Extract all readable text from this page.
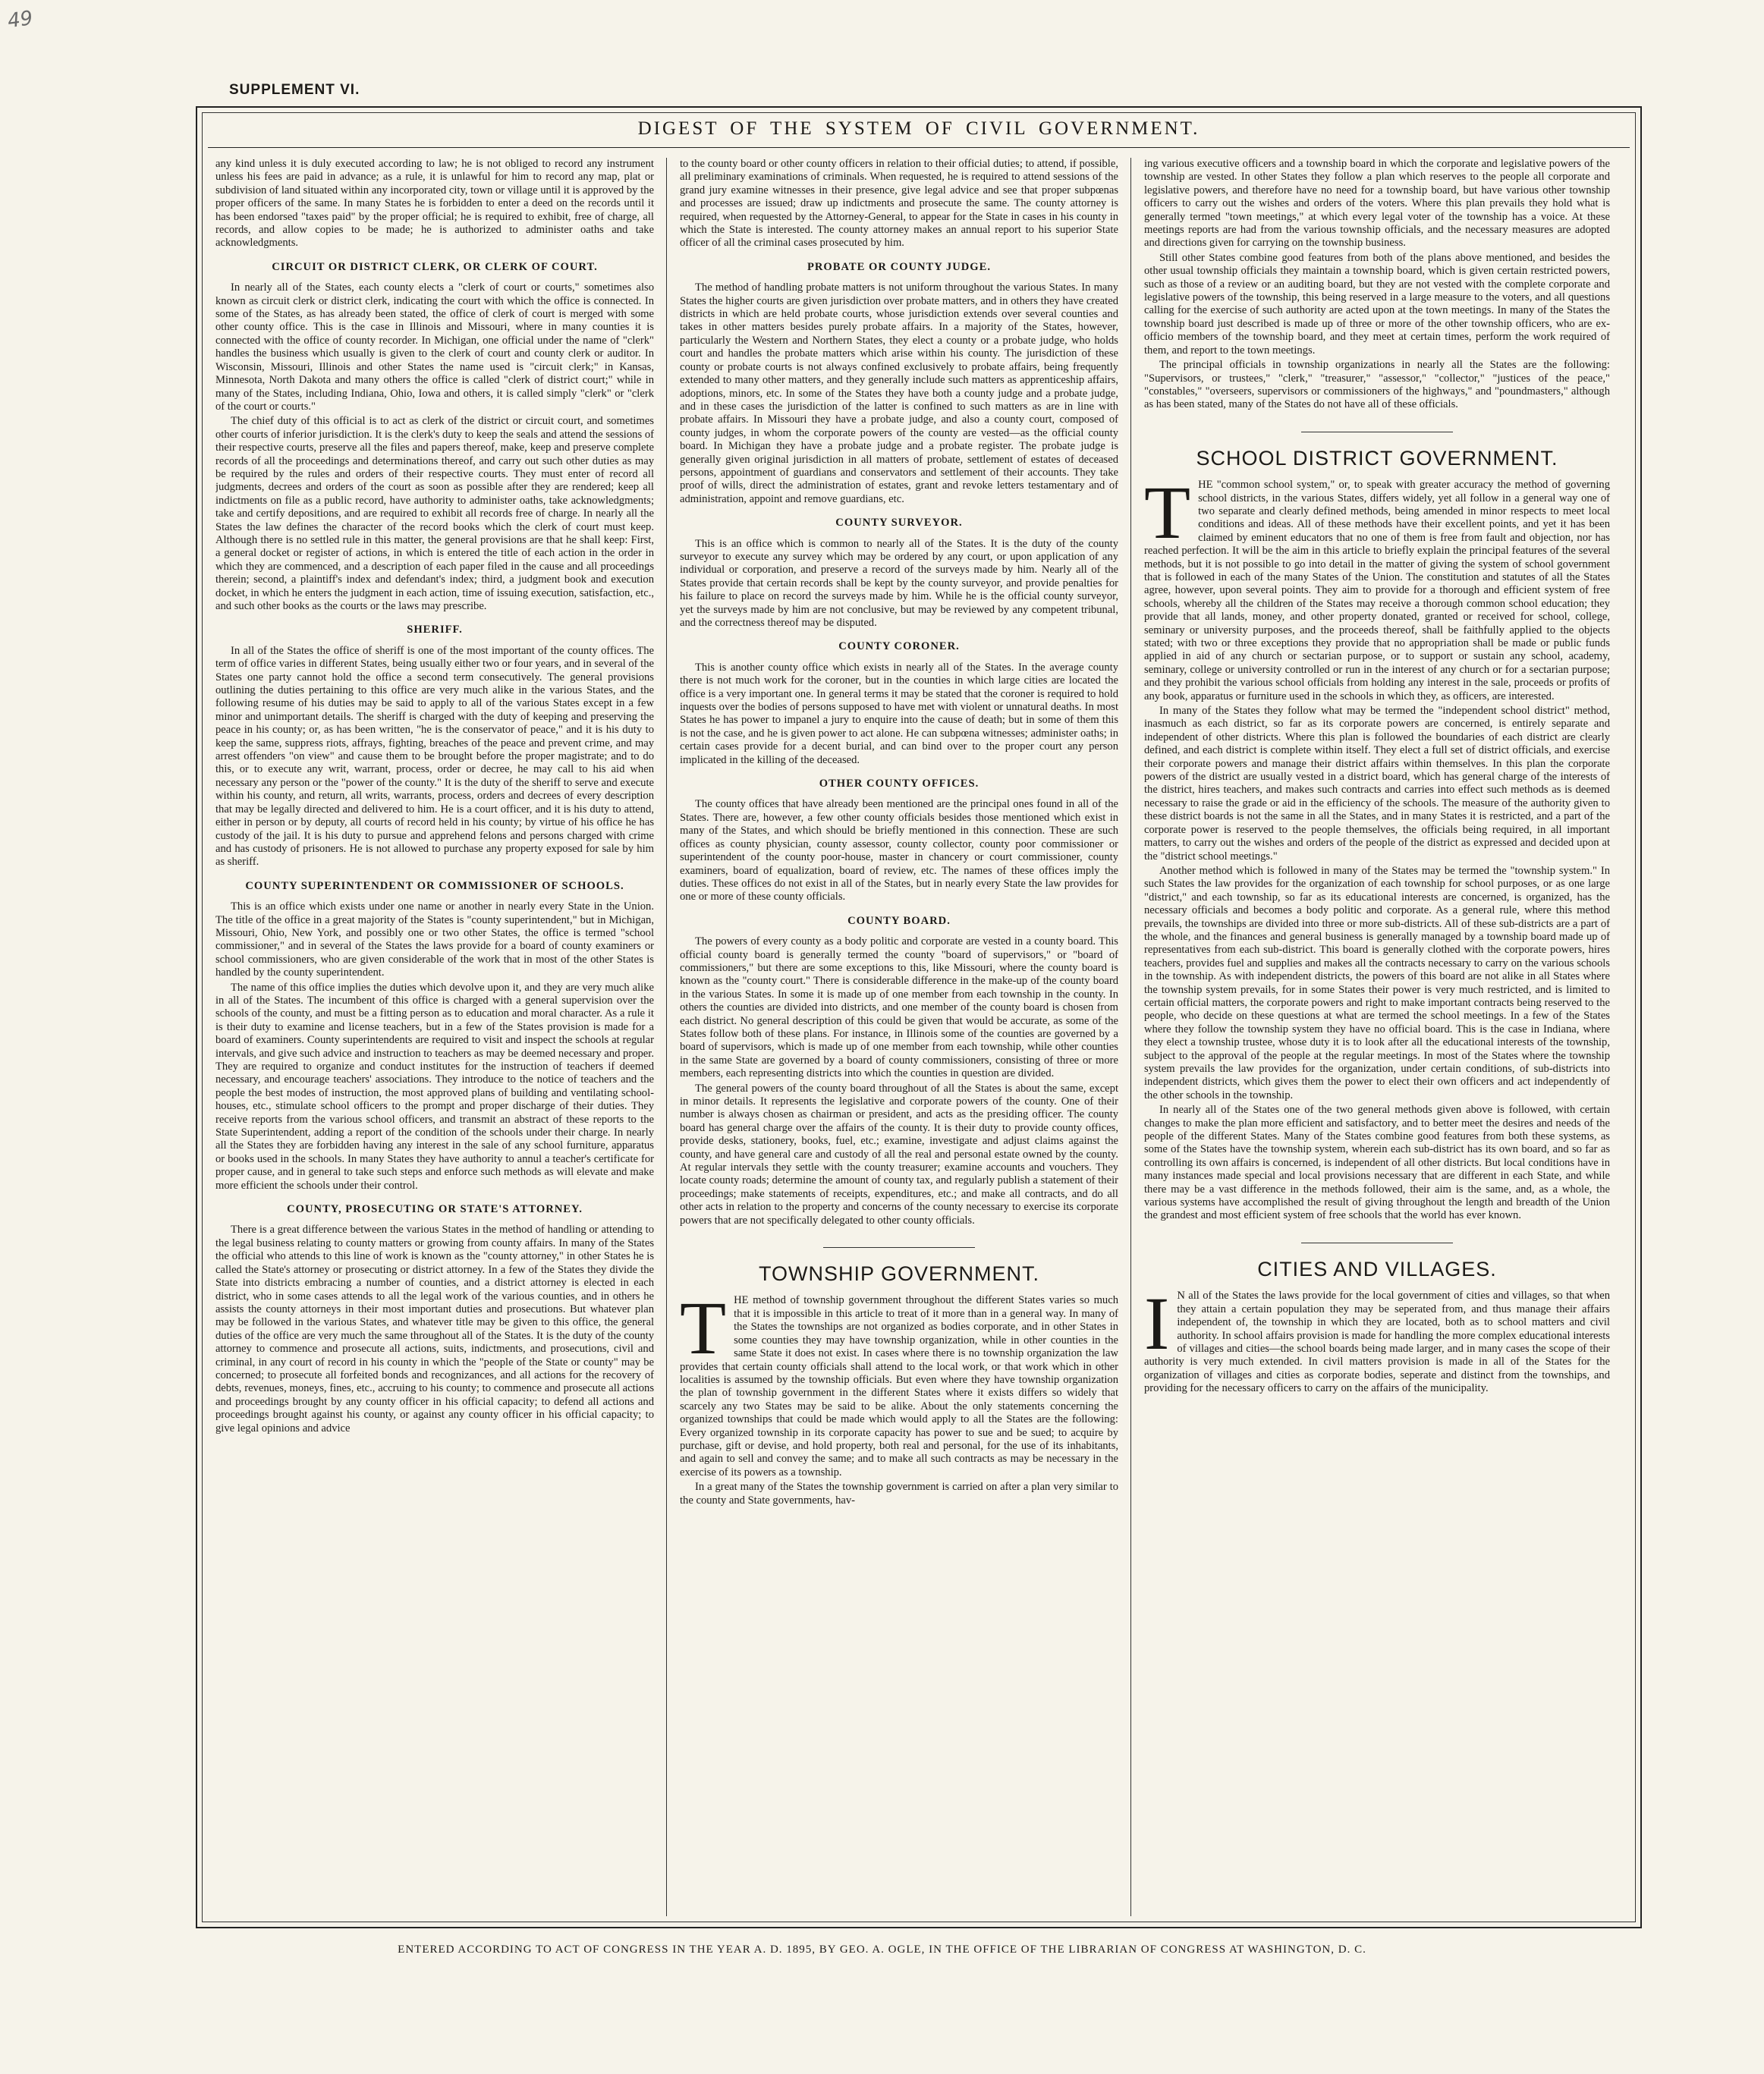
49
SUPPLEMENT VI.
DIGEST OF THE SYSTEM OF CIVIL GOVERNMENT.

any kind unless it is duly executed according to law; he is not obliged to record any instrument unless his fees are paid in advance; as a rule, it is unlawful for him to record any map, plat or subdivision of land situated within any incorporated city, town or village until it is approved by the proper officers of the same. In many States he is forbidden to enter a deed on the records until it has been endorsed "taxes paid" by the proper official; he is required to exhibit, free of charge, all records, and allow copies to be made; he is authorized to administer oaths and take acknowledgments.

CIRCUIT OR DISTRICT CLERK, OR CLERK OF COURT.

In nearly all of the States, each county elects a "clerk of court or courts," sometimes also known as circuit clerk or district clerk, indicating the court with which the office is connected. In some of the States, as has already been stated, the office of clerk of court is merged with some other county office. This is the case in Illinois and Missouri, where in many counties it is connected with the office of county recorder. In Michigan, one official under the name of "clerk" handles the business which usually is given to the clerk of court and county clerk or auditor. In Wisconsin, Missouri, Illinois and other States the name used is "circuit clerk;" in Kansas, Minnesota, North Dakota and many others the office is called "clerk of district court;" while in many of the States, including Indiana, Ohio, Iowa and others, it is called simply "clerk" or "clerk of the court or courts."

The chief duty of this official is to act as clerk of the district or circuit court, and sometimes other courts of inferior jurisdiction. It is the clerk's duty to keep the seals and attend the sessions of their respective courts, preserve all the files and papers thereof, make, keep and preserve complete records of all the proceedings and determinations thereof, and carry out such other duties as may be required by the rules and orders of their respective courts. They must enter of record all judgments, decrees and orders of the court as soon as possible after they are rendered; keep all indictments on file as a public record, have authority to administer oaths, take acknowledgments; take and certify depositions, and are required to exhibit all records free of charge. In nearly all the States the law defines the character of the record books which the clerk of court must keep. Although there is no settled rule in this matter, the general provisions are that he shall keep: First, a general docket or register of actions, in which is entered the title of each action in the order in which they are commenced, and a description of each paper filed in the cause and all proceedings therein; second, a plaintiff's index and defendant's index; third, a judgment book and execution docket, in which he enters the judgment in each action, time of issuing execution, satisfaction, etc., and such other books as the courts or the laws may prescribe.

SHERIFF.

In all of the States the office of sheriff is one of the most important of the county offices. The term of office varies in different States, being usually either two or four years, and in several of the States one party cannot hold the office a second term consecutively. The general provisions outlining the duties pertaining to this office are very much alike in the various States, and the following resume of his duties may be said to apply to all of the various States except in a few minor and unimportant details. The sheriff is charged with the duty of keeping and preserving the peace in his county; or, as has been written, "he is the conservator of peace," and it is his duty to keep the same, suppress riots, affrays, fighting, breaches of the peace and prevent crime, and may arrest offenders "on view" and cause them to be brought before the proper magistrate; and to do this, or to execute any writ, warrant, process, order or decree, he may call to his aid when necessary any person or the "power of the county." It is the duty of the sheriff to serve and execute within his county, and return, all writs, warrants, process, orders and decrees of every description that may be legally directed and delivered to him. He is a court officer, and it is his duty to attend, either in person or by deputy, all courts of record held in his county; by virtue of his office he has custody of the jail. It is his duty to pursue and apprehend felons and persons charged with crime and has custody of prisoners. He is not allowed to purchase any property exposed for sale by him as sheriff.

COUNTY SUPERINTENDENT OR COMMISSIONER OF SCHOOLS.

This is an office which exists under one name or another in nearly every State in the Union. The title of the office in a great majority of the States is "county superintendent," but in Michigan, Missouri, Ohio, New York, and possibly one or two other States, the office is termed "school commissioner," and in several of the States the laws provide for a board of county examiners or school commissioners, who are given considerable of the work that in most of the other States is handled by the county superintendent.

The name of this office implies the duties which devolve upon it, and they are very much alike in all of the States. The incumbent of this office is charged with a general supervision over the schools of the county, and must be a fitting person as to education and moral character. As a rule it is their duty to examine and license teachers, but in a few of the States provision is made for a board of examiners. County superintendents are required to visit and inspect the schools at regular intervals, and give such advice and instruction to teachers as may be deemed necessary and proper. They are required to organize and conduct institutes for the instruction of teachers if deemed necessary, and encourage teachers' associations. They introduce to the notice of teachers and the people the best modes of instruction, the most approved plans of building and ventilating school-houses, etc., stimulate school officers to the prompt and proper discharge of their duties. They receive reports from the various school officers, and transmit an abstract of these reports to the State Superintendent, adding a report of the condition of the schools under their charge. In nearly all the States they are forbidden having any interest in the sale of any school furniture, apparatus or books used in the schools. In many States they have authority to annul a teacher's certificate for proper cause, and in general to take such steps and enforce such methods as will elevate and make more efficient the schools under their control.

COUNTY, PROSECUTING OR STATE'S ATTORNEY.

There is a great difference between the various States in the method of handling or attending to the legal business relating to county matters or growing from county affairs. In many of the States the official who attends to this line of work is known as the "county attorney," in other States he is called the State's attorney or prosecuting or district attorney. In a few of the States they divide the State into districts embracing a number of counties, and a district attorney is elected in each district, who in some cases attends to all the legal work of the various counties, and in others he assists the county attorneys in their most important duties and prosecutions. But whatever plan may be followed in the various States, and whatever title may be given to this office, the general duties of the office are very much the same throughout all of the States. It is the duty of the county attorney to commence and prosecute all actions, suits, indictments, and prosecutions, civil and criminal, in any court of record in his county in which the "people of the State or county" may be concerned; to prosecute all forfeited bonds and recognizances, and all actions for the recovery of debts, revenues, moneys, fines, etc., accruing to his county; to commence and prosecute all actions and proceedings brought by any county officer in his official capacity; to defend all actions and proceedings brought against his county, or against any county officer in his official capacity; to give legal opinions and advice

to the county board or other county officers in relation to their official duties; to attend, if possible, all preliminary examinations of criminals. When requested, he is required to attend sessions of the grand jury examine witnesses in their presence, give legal advice and see that proper subpœnas and processes are issued; draw up indictments and prosecute the same. The county attorney is required, when requested by the Attorney-General, to appear for the State in cases in his county in which the State is interested. The county attorney makes an annual report to his superior State officer of all the criminal cases prosecuted by him.

PROBATE OR COUNTY JUDGE.

The method of handling probate matters is not uniform throughout the various States. In many States the higher courts are given jurisdiction over probate matters, and in others they have created districts in which are held probate courts, whose jurisdiction extends over several counties and takes in other matters besides purely probate affairs. In a majority of the States, however, particularly the Western and Northern States, they elect a county or a probate judge, who holds court and handles the probate matters which arise within his county. The jurisdiction of these county or probate courts is not always confined exclusively to probate affairs, being frequently extended to many other matters, and they generally include such matters as apprenticeship affairs, adoptions, minors, etc. In some of the States they have both a county judge and a probate judge, and in these cases the jurisdiction of the latter is confined to such matters as are in line with probate affairs. In Missouri they have a probate judge, and also a county court, composed of county judges, in whom the corporate powers of the county are vested—as the official county board. In Michigan they have a probate judge and a probate register. The probate judge is generally given original jurisdiction in all matters of probate, settlement of estates of deceased persons, appointment of guardians and conservators and settlement of their accounts. They take proof of wills, direct the administration of estates, grant and revoke letters testamentary and of administration, appoint and remove guardians, etc.

COUNTY SURVEYOR.

This is an office which is common to nearly all of the States. It is the duty of the county surveyor to execute any survey which may be ordered by any court, or upon application of any individual or corporation, and preserve a record of the surveys made by him. Nearly all of the States provide that certain records shall be kept by the county surveyor, and provide penalties for his failure to place on record the surveys made by him. While he is the official county surveyor, yet the surveys made by him are not conclusive, but may be reviewed by any competent tribunal, and the correctness thereof may be disputed.

COUNTY CORONER.

This is another county office which exists in nearly all of the States. In the average county there is not much work for the coroner, but in the counties in which large cities are located the office is a very important one. In general terms it may be stated that the coroner is required to hold inquests over the bodies of persons supposed to have met with violent or unnatural deaths. In most States he has power to impanel a jury to enquire into the cause of death; but in some of them this is not the case, and he is given power to act alone. He can subpœna witnesses; administer oaths; in certain cases provide for a decent burial, and can bind over to the proper court any person implicated in the killing of the deceased.

OTHER COUNTY OFFICES.

The county offices that have already been mentioned are the principal ones found in all of the States. There are, however, a few other county officials besides those mentioned which exist in many of the States, and which should be briefly mentioned in this connection. These are such offices as county physician, county assessor, county collector, county poor commissioner or superintendent of the county poor-house, master in chancery or court commissioner, county examiners, board of equalization, board of review, etc. The names of these offices imply the duties. These offices do not exist in all of the States, but in nearly every State the law provides for one or more of these county officials.

COUNTY BOARD.

The powers of every county as a body politic and corporate are vested in a county board. This official county board is generally termed the county "board of supervisors," or "board of commissioners," but there are some exceptions to this, like Missouri, where the county board is known as the "county court." There is considerable difference in the make-up of the county board in the various States. In some it is made up of one member from each township in the county. In others the counties are divided into districts, and one member of the county board is chosen from each district. No general description of this could be given that would be accurate, as some of the States follow both of these plans. For instance, in Illinois some of the counties are governed by a board of supervisors, which is made up of one member from each township, while other counties in the same State are governed by a board of county commissioners, consisting of three or more members, each representing districts into which the counties in question are divided.

The general powers of the county board throughout of all the States is about the same, except in minor details. It represents the legislative and corporate powers of the county. One of their number is always chosen as chairman or president, and acts as the presiding officer. The county board has general charge over the affairs of the county. It is their duty to provide county offices, provide desks, stationery, books, fuel, etc.; examine, investigate and adjust claims against the county, and have general care and custody of all the real and personal estate owned by the county. At regular intervals they settle with the county treasurer; examine accounts and vouchers. They locate county roads; determine the amount of county tax, and regularly publish a statement of their proceedings; make statements of receipts, expenditures, etc.; and make all contracts, and do all other acts in relation to the property and concerns of the county necessary to exercise its corporate powers that are not specifically delegated to other county officials.

TOWNSHIP GOVERNMENT.
T HE method of township government throughout the different States varies so much that it is impossible in this article to treat of it more than in a general way. In many of the States the townships are not organized as bodies corporate, and in other States in some counties they may have township organization, while in other counties in the same State it does not exist. In cases where there is no township organization the law provides that certain county officials shall attend to the local work, or that work which in other localities is assumed by the township officials. But even where they have township organization the plan of township government in the different States where it exists differs so widely that scarcely any two States may be said to be alike. About the only statements concerning the organized townships that could be made which would apply to all the States are the following: Every organized township in its corporate capacity has power to sue and be sued; to acquire by purchase, gift or devise, and hold property, both real and personal, for the use of its inhabitants, and again to sell and convey the same; and to make all such contracts as may be necessary in the exercise of its powers as a township.

In a great many of the States the township government is carried on after a plan very similar to the county and State governments, hav-

ing various executive officers and a township board in which the corporate and legislative powers of the township are vested. In other States they follow a plan which reserves to the people all corporate and legislative powers, and therefore have no need for a township board, but have various other township officers to carry out the wishes and orders of the voters. Where this plan prevails they hold what is generally termed "town meetings," at which every legal voter of the township has a voice. At these meetings reports are had from the various township officials, and the necessary measures are adopted and directions given for carrying on the township business.

Still other States combine good features from both of the plans above mentioned, and besides the other usual township officials they maintain a township board, which is given certain restricted powers, such as those of a review or an auditing board, but they are not vested with the complete corporate and legislative powers of the township, this being reserved in a large measure to the voters, and all questions calling for the exercise of such authority are acted upon at the town meetings. In many of the States the township board just described is made up of three or more of the other township officers, who are ex-officio members of the township board, and they meet at certain times, perform the work required of them, and report to the town meetings.

The principal officials in township organizations in nearly all the States are the following: "Supervisors, or trustees," "clerk," "treasurer," "assessor," "collector," "justices of the peace," "constables," "overseers, supervisors or commissioners of the highways," and "poundmasters," although as has been stated, many of the States do not have all of these officials.

SCHOOL DISTRICT GOVERNMENT.
T HE "common school system," or, to speak with greater accuracy the method of governing school districts, in the various States, differs widely, yet all follow in a general way one of two separate and clearly defined methods, being amended in minor respects to meet local conditions and ideas. All of these methods have their excellent points, and yet it has been claimed by eminent educators that no one of them is free from fault and objection, nor has reached perfection. It will be the aim in this article to briefly explain the principal features of the several methods, but it is not possible to go into detail in the matter of giving the system of school government that is followed in each of the many States of the Union. The constitution and statutes of all the States agree, however, upon several points. They aim to provide for a thorough and efficient system of free schools, whereby all the children of the States may receive a thorough common school education; they provide that all lands, money, and other property donated, granted or received for school, college, seminary or university purposes, and the proceeds thereof, shall be faithfully applied to the objects stated; with two or three exceptions they provide that no appropriation shall be made or public funds applied in aid of any church or sectarian purpose, or to support or sustain any school, academy, seminary, college or university controlled or run in the interest of any church or for a sectarian purpose; and they prohibit the various school officials from holding any interest in the sale, proceeds or profits of any book, apparatus or furniture used in the schools in which they, as officers, are interested.

In many of the States they follow what may be termed the "independent school district" method, inasmuch as each district, so far as its corporate powers are concerned, is entirely separate and independent of other districts. Where this plan is followed the boundaries of each district are clearly defined, and each district is complete within itself. They elect a full set of district officials, and exercise their corporate powers and manage their district affairs within themselves. In this plan the corporate powers of the district are usually vested in a district board, which has general charge of the interests of the district, hires teachers, and makes such contracts and carries into effect such methods as is deemed necessary to raise the grade or aid in the efficiency of the schools. The measure of the authority given to these district boards is not the same in all the States, and in many States it is restricted, and a part of the corporate power is reserved to the people themselves, the officials being required, in all important matters, to carry out the wishes and orders of the people of the district as expressed and decided upon at the "district school meetings."

Another method which is followed in many of the States may be termed the "township system." In such States the law provides for the organization of each township for school purposes, or as one large "district," and each township, so far as its educational interests are concerned, is organized, has the necessary officials and becomes a body politic and corporate. As a general rule, where this method prevails, the townships are divided into three or more sub-districts. All of these sub-districts are a part of the whole, and the finances and general business is generally managed by a township board made up of representatives from each sub-district. This board is generally clothed with the corporate powers, hires teachers, provides fuel and supplies and makes all the contracts necessary to carry on the various schools in the township. As with independent districts, the powers of this board are not alike in all States where the township system prevails, for in some States their power is very much restricted, and is limited to certain official matters, the corporate powers and right to make important contracts being reserved to the people, who decide on these questions at what are termed the school meetings. In a few of the States where they follow the township system they have no official board. This is the case in Indiana, where they elect a township trustee, whose duty it is to look after all the educational interests of the township, subject to the approval of the people at the regular meetings. In most of the States where the township system prevails the law provides for the organization, under certain conditions, of sub-districts into independent districts, which gives them the power to elect their own officers and act independently of the other schools in the township.

In nearly all of the States one of the two general methods given above is followed, with certain changes to make the plan more efficient and satisfactory, and to better meet the desires and needs of the people of the different States. Many of the States combine good features from both these systems, as some of the States have the township system, wherein each sub-district has its own board, and so far as controlling its own affairs is concerned, is independent of all other districts. But local conditions have in many instances made special and local provisions necessary that are different in each State, and while there may be a vast difference in the methods followed, their aim is the same, and, as a whole, the various systems have accomplished the result of giving throughout the length and breadth of the Union the grandest and most efficient system of free schools that the world has ever known.

CITIES AND VILLAGES.
I N all of the States the laws provide for the local government of cities and villages, so that when they attain a certain population they may be seperated from, and thus manage their affairs independent of, the township in which they are located, both as to school matters and civil authority. In school affairs provision is made for handling the more complex educational interests of villages and cities—the school boards being made larger, and in many cases the scope of their authority is very much extended. In civil matters provision is made in all of the States for the organization of villages and cities as corporate bodies, seperate and distinct from the townships, and providing for the necessary officers to carry on the affairs of the municipality.

ENTERED ACCORDING TO ACT OF CONGRESS IN THE YEAR A. D. 1895, BY GEO. A. OGLE, IN THE OFFICE OF THE LIBRARIAN OF CONGRESS AT WASHINGTON, D. C.
